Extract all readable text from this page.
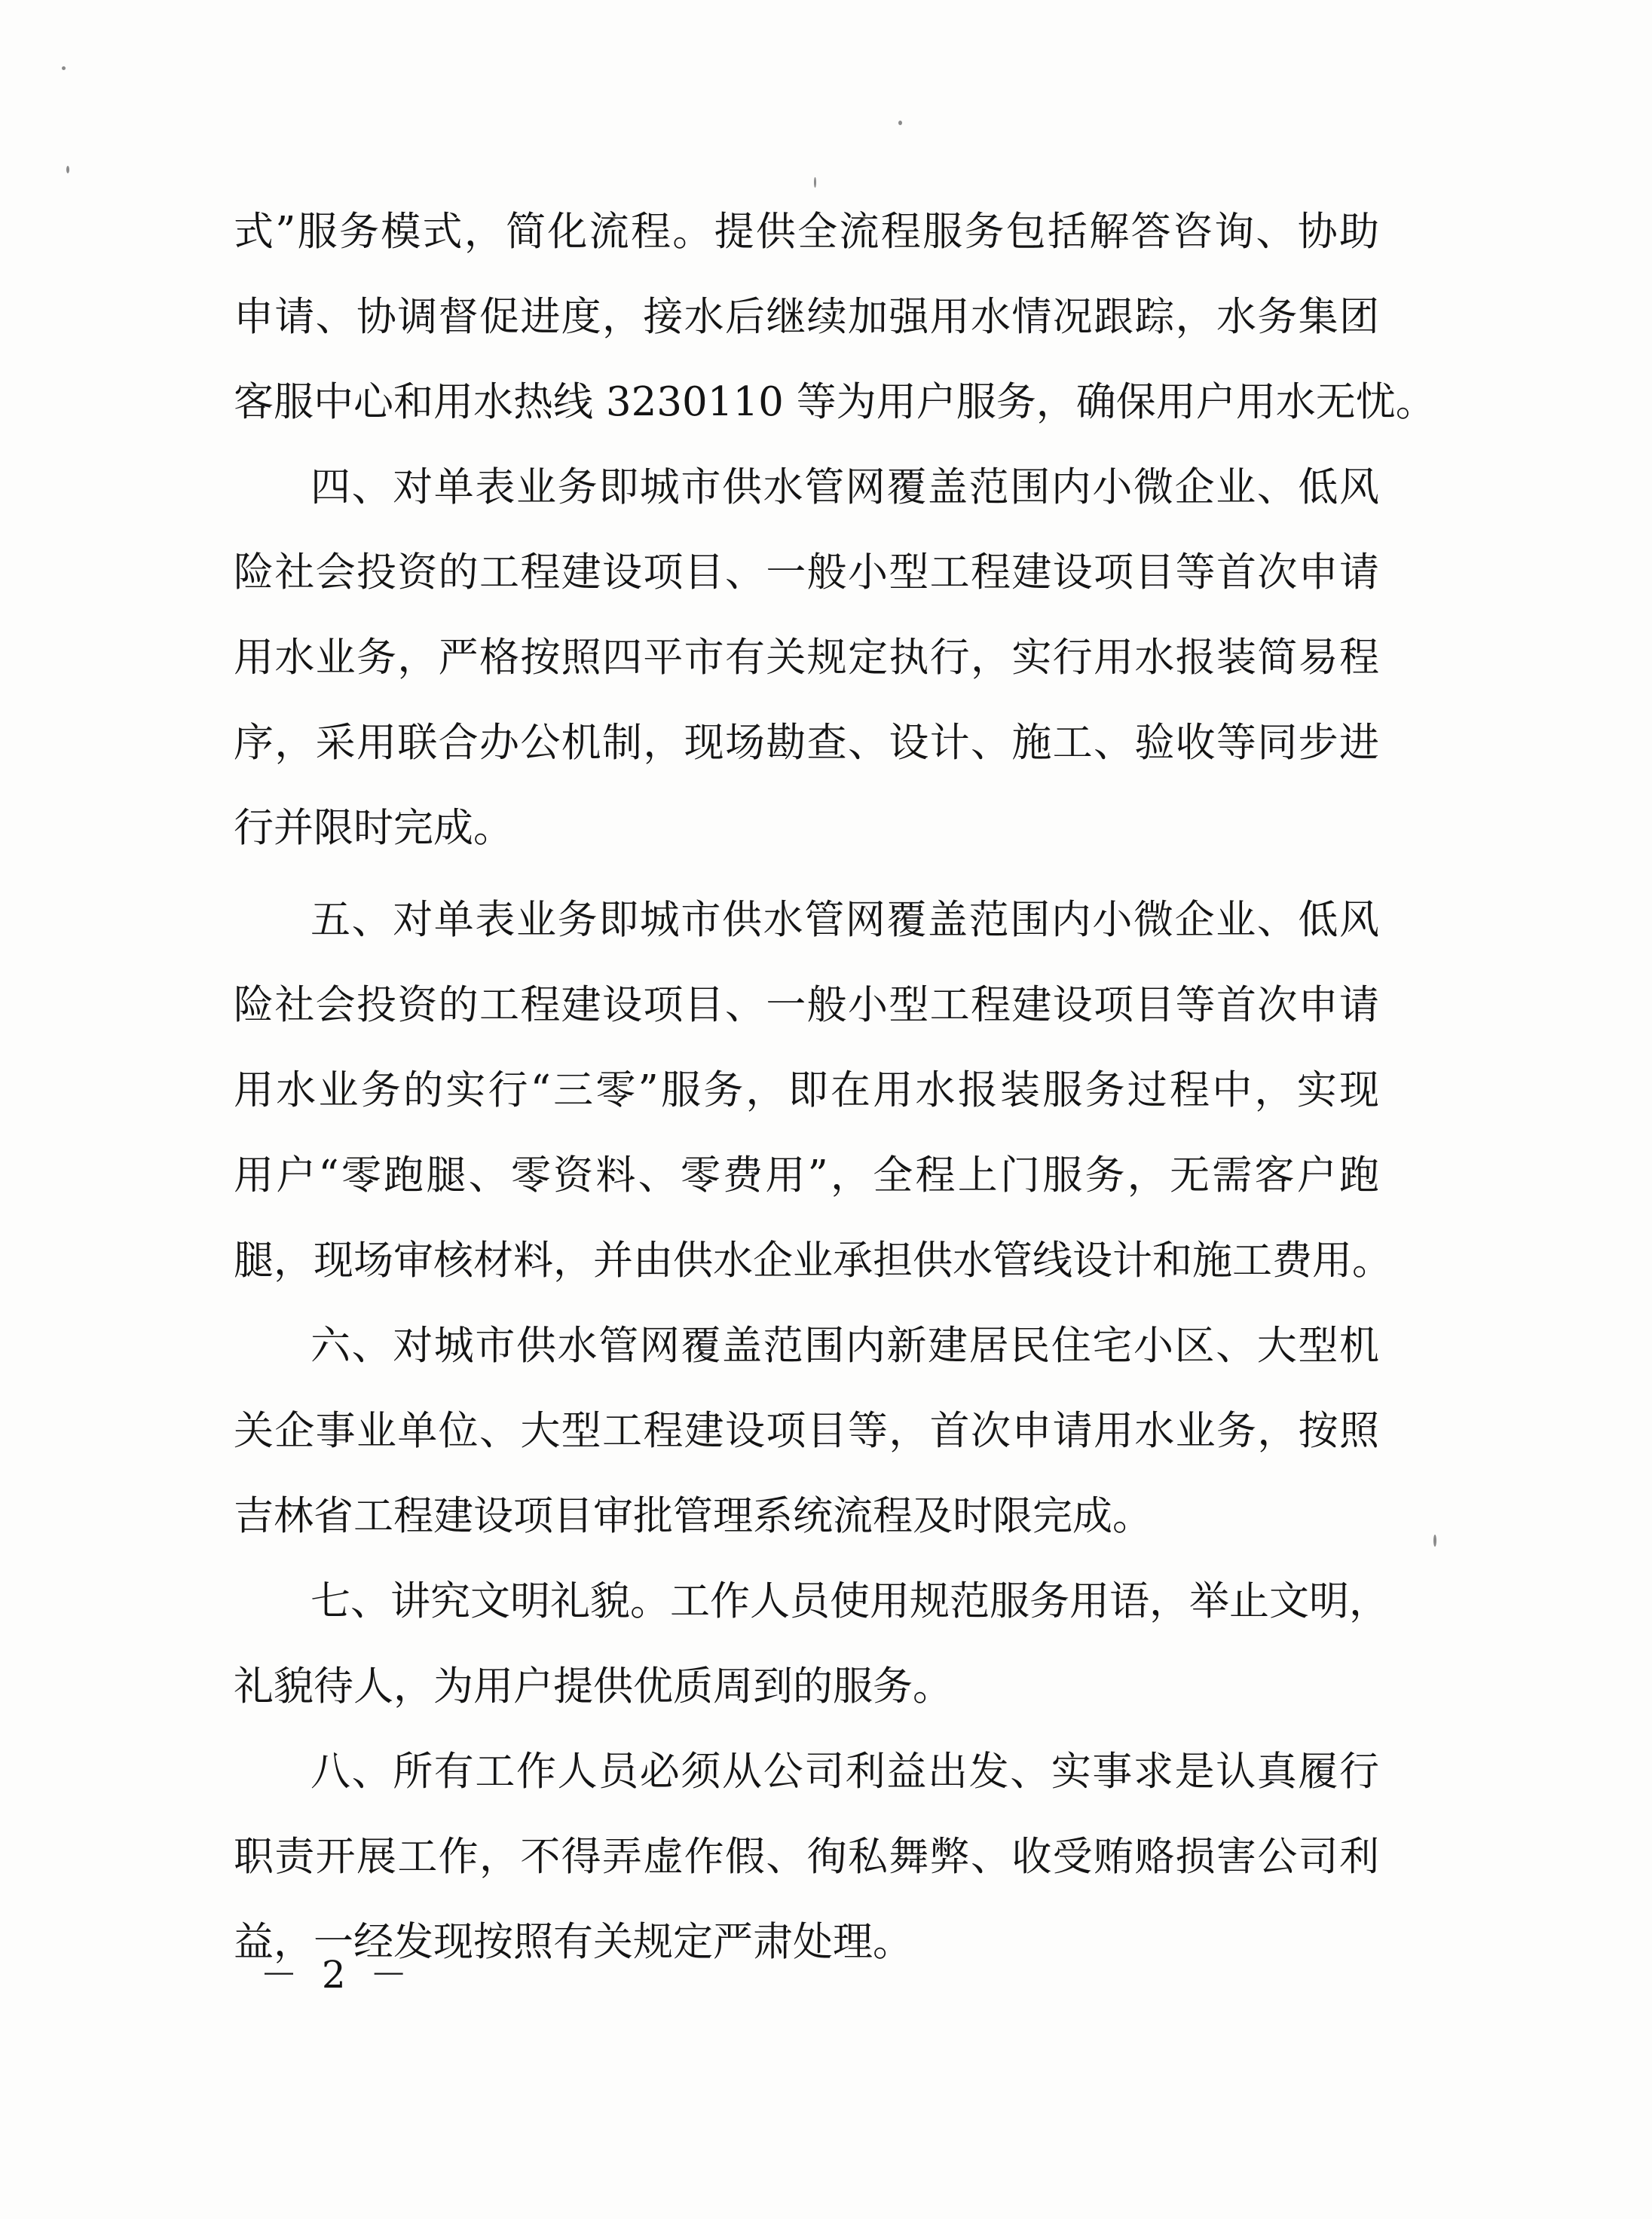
式”服务模式，简化流程。提供全流程服务包括解答咨询、协助
申请、协调督促进度，接水后继续加强用水情况跟踪，水务集团
客服中心和用水热线 3230110 等为用户服务，确保用户用水无忧。
四、对单表业务即城市供水管网覆盖范围内小微企业、低风
险社会投资的工程建设项目、一般小型工程建设项目等首次申请
用水业务，严格按照四平市有关规定执行，实行用水报装简易程
序，采用联合办公机制，现场勘查、设计、施工、验收等同步进
行并限时完成。
五、对单表业务即城市供水管网覆盖范围内小微企业、低风
险社会投资的工程建设项目、一般小型工程建设项目等首次申请
用水业务的实行“三零”服务，即在用水报装服务过程中，实现
用户“零跑腿、零资料、零费用”，全程上门服务，无需客户跑
腿，现场审核材料，并由供水企业承担供水管线设计和施工费用。
六、对城市供水管网覆盖范围内新建居民住宅小区、大型机
关企事业单位、大型工程建设项目等，首次申请用水业务，按照
吉林省工程建设项目审批管理系统流程及时限完成。
七、讲究文明礼貌。工作人员使用规范服务用语，举止文明，
礼貌待人，为用户提供优质周到的服务。
八、所有工作人员必须从公司利益出发、实事求是认真履行
职责开展工作，不得弄虚作假、徇私舞弊、收受贿赂损害公司利
益，一经发现按照有关规定严肃处理。
－ 2 －
